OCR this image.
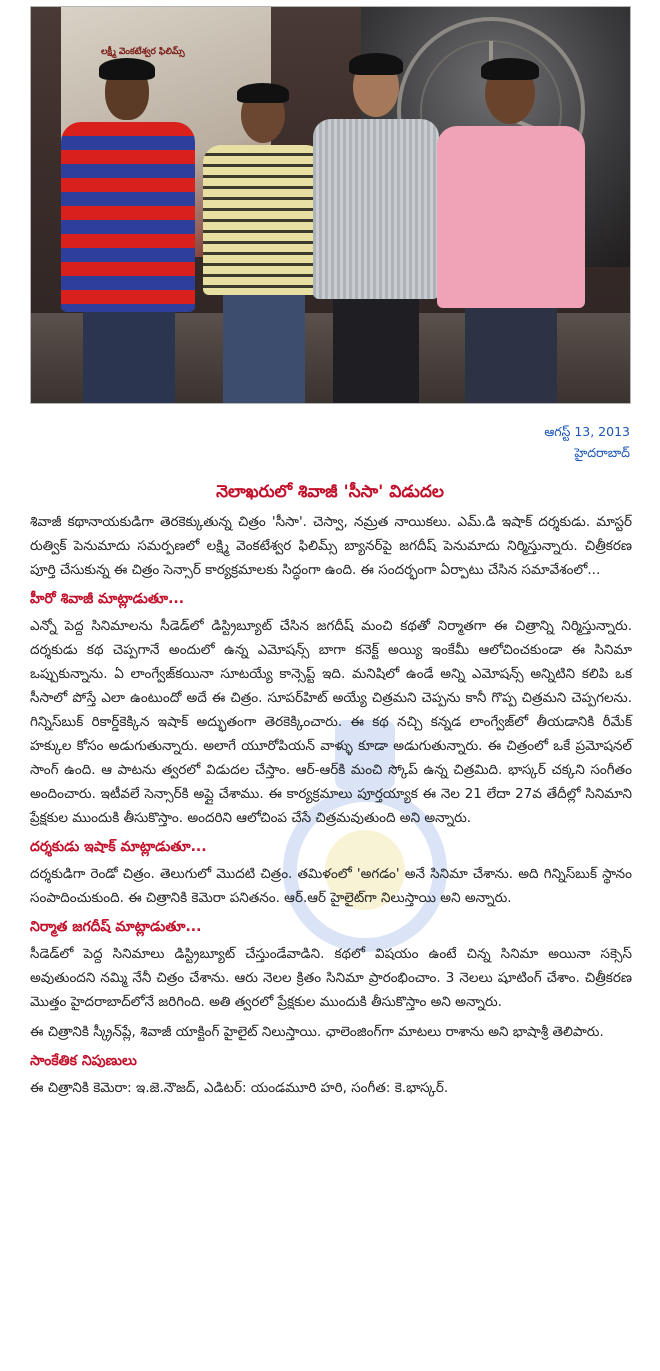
లక్ష్మీ వెంకటేశ్వర ఫిలిమ్స్
ఆగస్ట్ 13, 2013
హైదరాబాద్
నెలాఖరులో శివాజీ 'సీసా' విడుదల

శివాజీ కథానాయకుడిగా తెరకెక్కుతున్న చిత్రం 'సీసా'. చెస్వా, నమ్రత నాయికలు. ఎమ్.డి ఇషాక్ దర్శకుడు. మాస్టర్ రుత్విక్ పెనుమాదు సమర్పణలో లక్ష్మి వెంకటేశ్వర ఫిలిమ్స్ బ్యానర్‌పై జగదీష్ పెనుమాదు నిర్మిస్తున్నారు. చిత్రీకరణ పూర్తి చేసుకున్న ఈ చిత్రం సెన్సార్ కార్యక్రమాలకు సిద్ధంగా ఉంది. ఈ సందర్భంగా ఏర్పాటు చేసిన సమావేశంలో...

హీరో శివాజీ మాట్లాడుతూ...

ఎన్నో పెద్ద సినిమాలను సీడెడ్‌లో డిస్ట్రిబ్యూట్ చేసిన జగదీష్ మంచి కథతో నిర్మాతగా ఈ చిత్రాన్ని నిర్మిస్తున్నారు. దర్శకుడు కథ చెప్పగానే అందులో ఉన్న ఎమోషన్స్ బాగా కనెక్ట్ అయ్యి ఇంకేమీ ఆలోచించకుండా ఈ సినిమా ఒప్పుకున్నాను. ఏ లాంగ్వేజ్‌కయినా సూటయ్యే కాన్సెప్ట్ ఇది. మనిషిలో ఉండే అన్ని ఎమోషన్స్ అన్నిటిని కలిపి ఒక సీసాలో పోస్తే ఎలా ఉంటుందో అదే ఈ చిత్రం. సూపర్‌హిట్ అయ్యే చిత్రమని చెప్పను కానీ గొప్ప చిత్రమని చెప్పగలను. గిన్నిస్‌బుక్ రికార్డ్‌కెక్కిన ఇషాక్ అద్భుతంగా తెరకెక్కించారు. ఈ కథ నచ్చి కన్నడ లాంగ్వేజ్‌లో తీయడానికి రీమేక్ హక్కుల కోసం అడుగుతున్నారు. అలాగే యూరోపియన్ వాళ్ళు కూడా అడుగుతున్నారు. ఈ చిత్రంలో ఒకే ప్రమోషనల్ సాంగ్ ఉంది. ఆ పాటను త్వరలో విడుదల చేస్తాం. ఆర్-ఆర్‌కి మంచి స్కోప్ ఉన్న చిత్రమిది. భాస్కర్ చక్కని సంగీతం అందించారు. ఇటీవలే సెన్సార్‌కి అప్లై చేశాము. ఈ కార్యక్రమాలు పూర్తయ్యాక ఈ నెల 21 లేదా 27వ తేదీల్లో సినిమాని ప్రేక్షకుల ముందుకి తీసుకొస్తాం. అందరిని ఆలోచింప చేసే చిత్రమవుతుంది అని అన్నారు.

దర్శకుడు ఇషాక్ మాట్లాడుతూ...

దర్శకుడిగా రెండో చిత్రం. తెలుగులో మొదటి చిత్రం. తమిళంలో 'అగడం' అనే సినిమా చేశాను. అది గిన్నిస్‌బుక్ స్థానం సంపాదించుకుంది. ఈ చిత్రానికి కెమెరా పనితనం. ఆర్.ఆర్ హైలైట్‌గా నిలుస్తాయి అని అన్నారు.

నిర్మాత జగదీష్ మాట్లాడుతూ...

సీడెడ్‌లో పెద్ద సినిమాలు డిస్ట్రిబ్యూట్ చేస్తుండేవాడిని. కథలో విషయం ఉంటే చిన్న సినిమా అయినా సక్సెస్ అవుతుందని నమ్మి నేనీ చిత్రం చేశాను. ఆరు నెలల క్రితం సినిమా ప్రారంభించాం. 3 నెలలు షూటింగ్ చేశాం. చిత్రీకరణ మొత్తం హైదరాబాద్‌లోనే జరిగింది. అతి త్వరలో ప్రేక్షకుల ముందుకి తీసుకొస్తాం అని అన్నారు.

ఈ చిత్రానికి స్క్రీన్‌ప్లే, శివాజీ యాక్టింగ్ హైలైట్ నిలుస్తాయి. ఛాలెంజింగ్‌గా మాటలు రాశాను అని భాషాశ్రీ తెలిపారు.

సాంకేతిక నిపుణులు

ఈ చిత్రానికి కెమెరా: ఇ.జె.నౌజద్, ఎడిటర్: యండమూరి హరి, సంగీత: కె.భాస్కర్.
